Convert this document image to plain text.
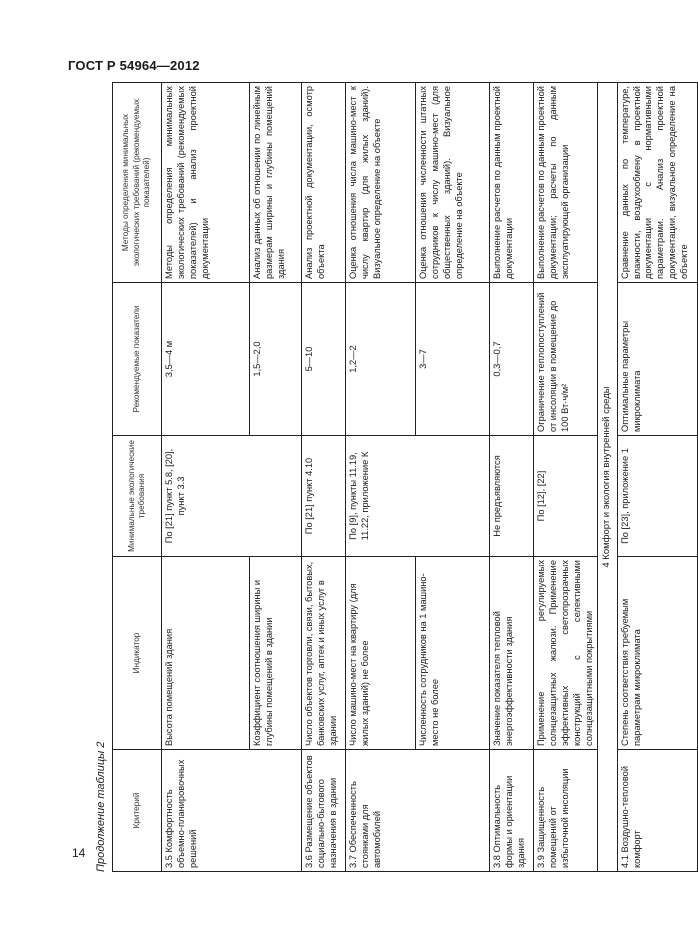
ГОСТ Р 54964—2012
14 Продолжение таблицы 2	Критерий	Индикатор	Минимальные экологические требования	Рекомендуемые показатели	Методы определения минимальных экологических требований (рекомендуемых показателей)
3.5 Комфортность объемно-планировочных решений	Высота помещений здания	По [21] пункт 5.8, [20], пункт 3.3	3,5—4 м	Методы определения минимальных экологических требований (рекомендуемых показателей) и анализ проектной документации
	Коэффициент соотношения ширины и глубины помещений в здании		1,5—2,0	Анализ данных об отношении по линейным размерам ширины и глубины помещений здания
3.6 Размещение объектов социально-бытового назначения в здании	Число объектов торговли, связи, бытовых, банковских услуг, аптек и иных услуг в здании	По [21] пункт 4.10	5—10	Анализ проектной документации, осмотр объекта
3.7 Обеспеченность стоянками для автомобилей	Число машино-мест на квартиру (для жилых зданий) не более	По [9], пункты 11.19, 11.22, приложение К	1,2—2	Оценка отношения числа машино-мест к числу квартир (для жилых зданий). Визуальное определение на объекте
	Численность сотрудников на 1 машино-место не более		3—7	Оценка отношения численности штатных сотрудников к числу машино-мест (для общественных зданий). Визуальное определение на объекте
3.8 Оптимальность формы и ориентации здания	Значение показателя тепловой энергоэффективности здания	Не предъявляются	0,3—0,7	Выполнение расчетов по данным проектной документации
3.9 Защищенность помещений от избыточной инсоляции	Применение регулируемых солнцезащитных жалюзи. Применение эффективных светопрозрачных конструкций с селективными солнцезащитными покрытиями	По [12], [22]	Ограничение теплопоступлений от инсоляции в помещение до 100 Вт·ч/м²	Выполнение расчетов по данным проектной документации; расчеты по данным эксплуатирующей организации
4 Комфорт и экология внутренней среды				
4.1 Воздушно-тепловой комфорт	Степень соответствия требуемым параметрам микроклимата	По [23], приложение 1	Оптимальные параметры микроклимата	Сравнение данных по температуре, влажности, воздухообмену в проектной документации с нормативными параметрами. Анализ проектной документации, визуальное определение на объекте
